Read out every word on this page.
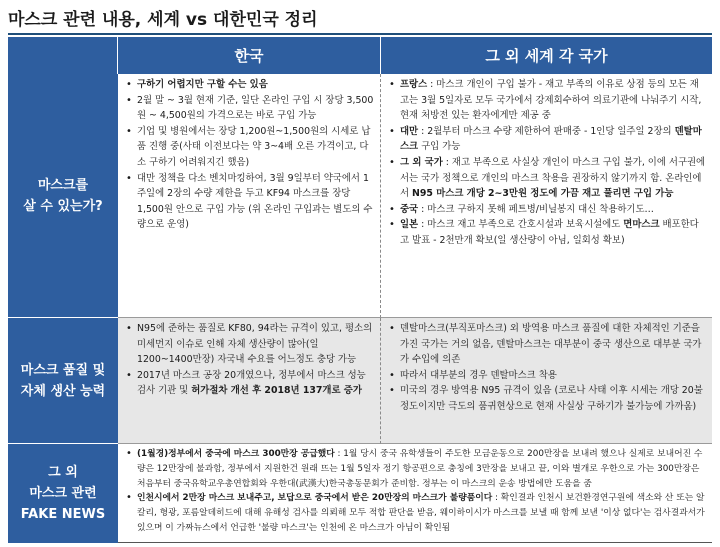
마스크 관련 내용, 세계 vs 대한민국 정리
한국	그 외 세계 각 국가
마스크를
살 수 있는가?
• 구하기 어렵지만 구할 수는 있음
• 2월 말 ~ 3월 현재 기준, 일단 온라인 구입 시 장당 3,500원 ~ 4,500원의 가격으로는 바로 구입 가능
• 기업 및 병원에서는 장당 1,200원~1,500원의 시세로 납품 진행 중(사태 이전보다는 약 3~4배 오른 가격이고, 다소 구하기 어려워지긴 했음)
• 대만 정책을 다소 벤치마킹하여, 3월 9일부터 약국에서 1주일에 2장의 수량 제한을 두고 KF94 마스크를 장당 1,500원 안으로 구입 가능 (위 온라인 구입과는 별도의 수량으로 운영)
• 프랑스 : 마스크 개인이 구입 불가 - 재고 부족의 이유로 상점 등의 모든 재고는 3월 5일자로 모두 국가에서 강제회수하여 의료기관에 나눠주기 시작, 현재 처방전 있는 환자에게만 제공 중
• 대만 : 2월부터 마스크 수량 제한하여 판매중 - 1인당 일주일 2장의 덴탈마스크 구입 가능
• 그 외 국가 : 재고 부족으로 사실상 개인이 마스크 구입 불가, 이에 서구권에서는 국가 정책으로 개인의 마스크 착용을 권장하지 않기까지 함. 온라인에서 N95 마스크 개당 2~3만원 정도에 가끔 재고 풀리면 구입 가능
• 중국 : 마스크 구하지 못해 페트병/비닐봉지 대신 착용하기도…
• 일본 : 마스크 재고 부족으로 간호시설과 보육시설에도 면마스크 배포한다고 발표 - 2천만개 확보(일 생산량이 아님, 일회성 확보)
마스크 품질 및
자체 생산 능력
• N95에 준하는 품질로 KF80, 94라는 규격이 있고, 평소의 미세먼지 이슈로 인해 자체 생산량이 많아(일 1200~1400만장) 자국내 수요를 어느정도 충당 가능
• 2017년 마스크 공장 20개였으나, 정부에서 마스크 성능 검사 기관 및 허가절차 개선 후 2018년 137개로 증가
• 덴탈마스크(부직포마스크) 외 방역용 마스크 품질에 대한 자체적인 기준을 가진 국가는 거의 없음, 덴탈마스크는 대부분이 중국 생산으로 대부분 국가가 수입에 의존
• 따라서 대부분의 경우 덴탈마스크 착용
• 미국의 경우 방역용 N95 규격이 있음 (코로나 사태 이후 시세는 개당 20불 정도이지만 극도의 품귀현상으로 현재 사실상 구하기가 불가능에 가까움)
그 외
마스크 관련
FAKE NEWS
• (1월경)정부에서 중국에 마스크 300만장 공급했다 : 1월 당시 중국 유학생들이 주도한 모금운동으로 200만장을 보내려 했으나 실제로 보내어진 수량은 12만장에 불과함, 정부에서 지원한건 원래 뜨는 1월 5일자 정기 항공편으로 충칭에 3만장을 보내고 끝, 이와 별개로 우한으로 가는 300만장은 처음부터 중국유학교우총연합회와 우한대(武漢大)한국총동문회가 준비함. 정부는 이 마스크의 운송 방법에만 도움을 줌
• 인천시에서 2만장 마스크 보내주고, 보답으로 중국에서 받은 20만장의 마스크가 불량품이다 : 확인결과 인천시 보건환경연구원에 색소와 산 또는 알칼리, 형광, 포름알데히드에 대해 유해성 검사를 의뢰해 모두 적합 판단을 받음, 웨이하이시가 마스크를 보낼 때 함께 보낸 '이상 없다'는 검사결과서가 있으며 이 가짜뉴스에서 언급한 '불량 마스크'는 인천에 온 마스크가 아님이 확인됨
